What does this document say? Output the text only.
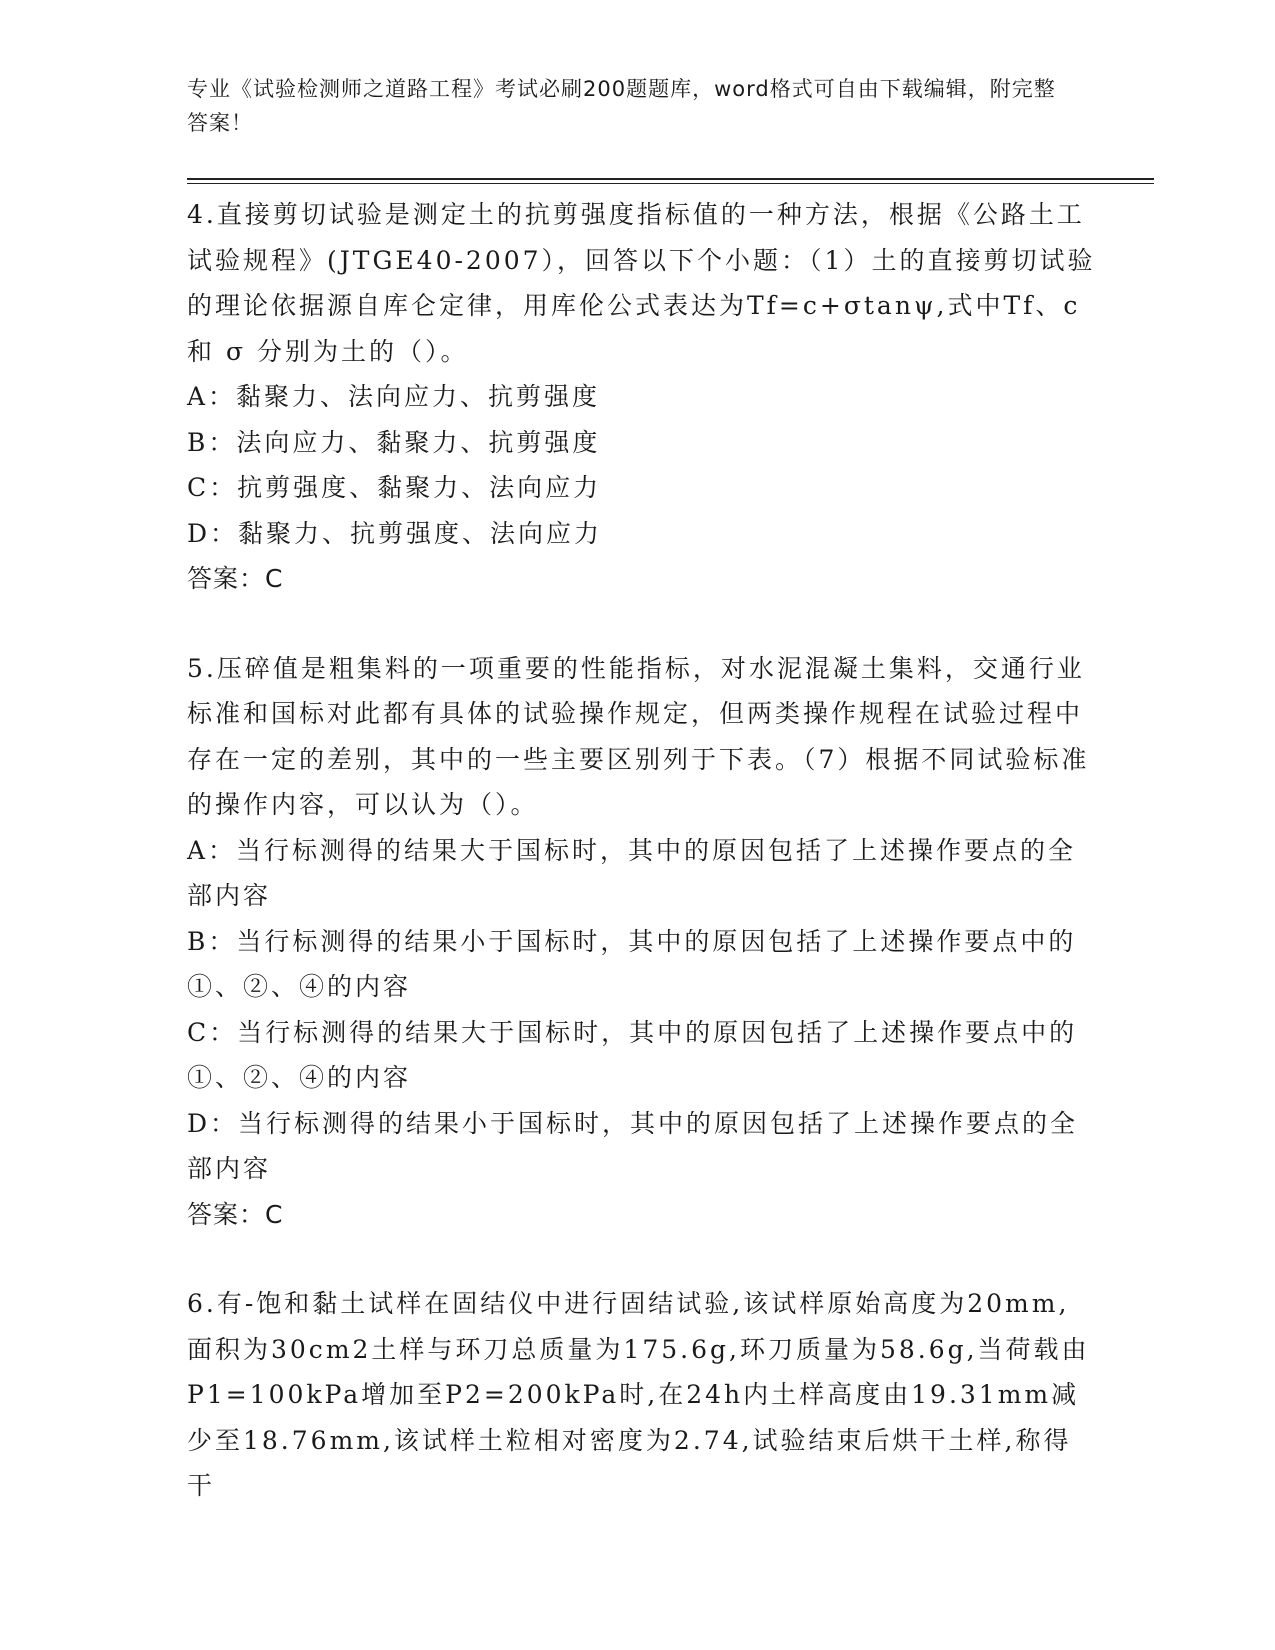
专业《试验检测师之道路工程》考试必刷200题题库，word格式可自由下载编辑，附完整答案！

4.直接剪切试验是测定土的抗剪强度指标值的一种方法，根据《公路土工试验规程》(JTGE40-2007），回答以下个小题：（1）土的直接剪切试验的理论依据源自库仑定律，用库伦公式表达为Tf=c+σtanψ,式中Tf、c和 σ 分别为土的（）。

A：黏聚力、法向应力、抗剪强度

B：法向应力、黏聚力、抗剪强度

C：抗剪强度、黏聚力、法向应力

D：黏聚力、抗剪强度、法向应力

答案：C

5.压碎值是粗集料的一项重要的性能指标，对水泥混凝土集料，交通行业标准和国标对此都有具体的试验操作规定，但两类操作规程在试验过程中存在一定的差别，其中的一些主要区别列于下表。（7）根据不同试验标准的操作内容，可以认为（）。

A：当行标测得的结果大于国标时，其中的原因包括了上述操作要点的全部内容

B：当行标测得的结果小于国标时，其中的原因包括了上述操作要点中的①、②、④的内容

C：当行标测得的结果大于国标时，其中的原因包括了上述操作要点中的①、②、④的内容

D：当行标测得的结果小于国标时，其中的原因包括了上述操作要点的全部内容

答案：C

6.有-饱和黏土试样在固结仪中进行固结试验,该试样原始高度为20mm,面积为30cm2土样与环刀总质量为175.6g,环刀质量为58.6g,当荷载由P1=100kPa增加至P2=200kPa时,在24h内土样高度由19.31mm减少至18.76mm,该试样土粒相对密度为2.74,试验结束后烘干土样,称得干
